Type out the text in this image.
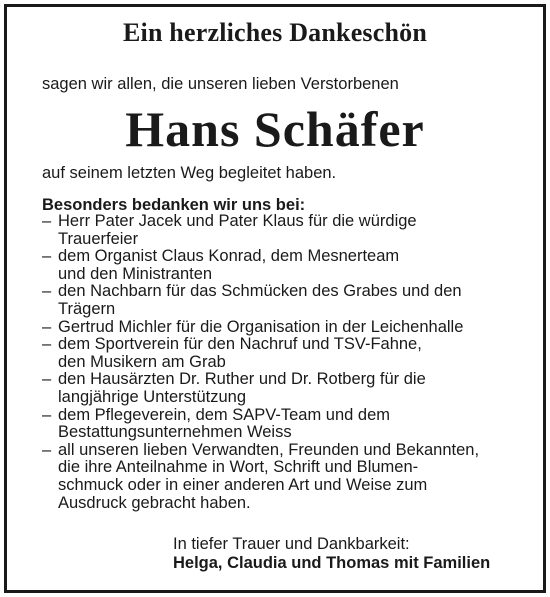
Ein herzliches Dankeschön
sagen wir allen, die unseren lieben Verstorbenen
Hans Schäfer
auf seinem letzten Weg begleitet haben.
Besonders bedanken wir uns bei:
– Herr Pater Jacek und Pater Klaus für die würdige
Trauerfeier
– dem Organist Claus Konrad, dem Mesnerteam
und den Ministranten
– den Nachbarn für das Schmücken des Grabes und den
Trägern
– Gertrud Michler für die Organisation in der Leichenhalle
– dem Sportverein für den Nachruf und TSV-Fahne,
den Musikern am Grab
– den Hausärzten Dr. Ruther und Dr. Rotberg für die
langjährige Unterstützung
– dem Pflegeverein, dem SAPV-Team und dem
Bestattungsunternehmen Weiss
– all unseren lieben Verwandten, Freunden und Bekannten,
die ihre Anteilnahme in Wort, Schrift und Blumen-
schmuck oder in einer anderen Art und Weise zum
Ausdruck gebracht haben.
In tiefer Trauer und Dankbarkeit:
Helga, Claudia und Thomas mit Familien
